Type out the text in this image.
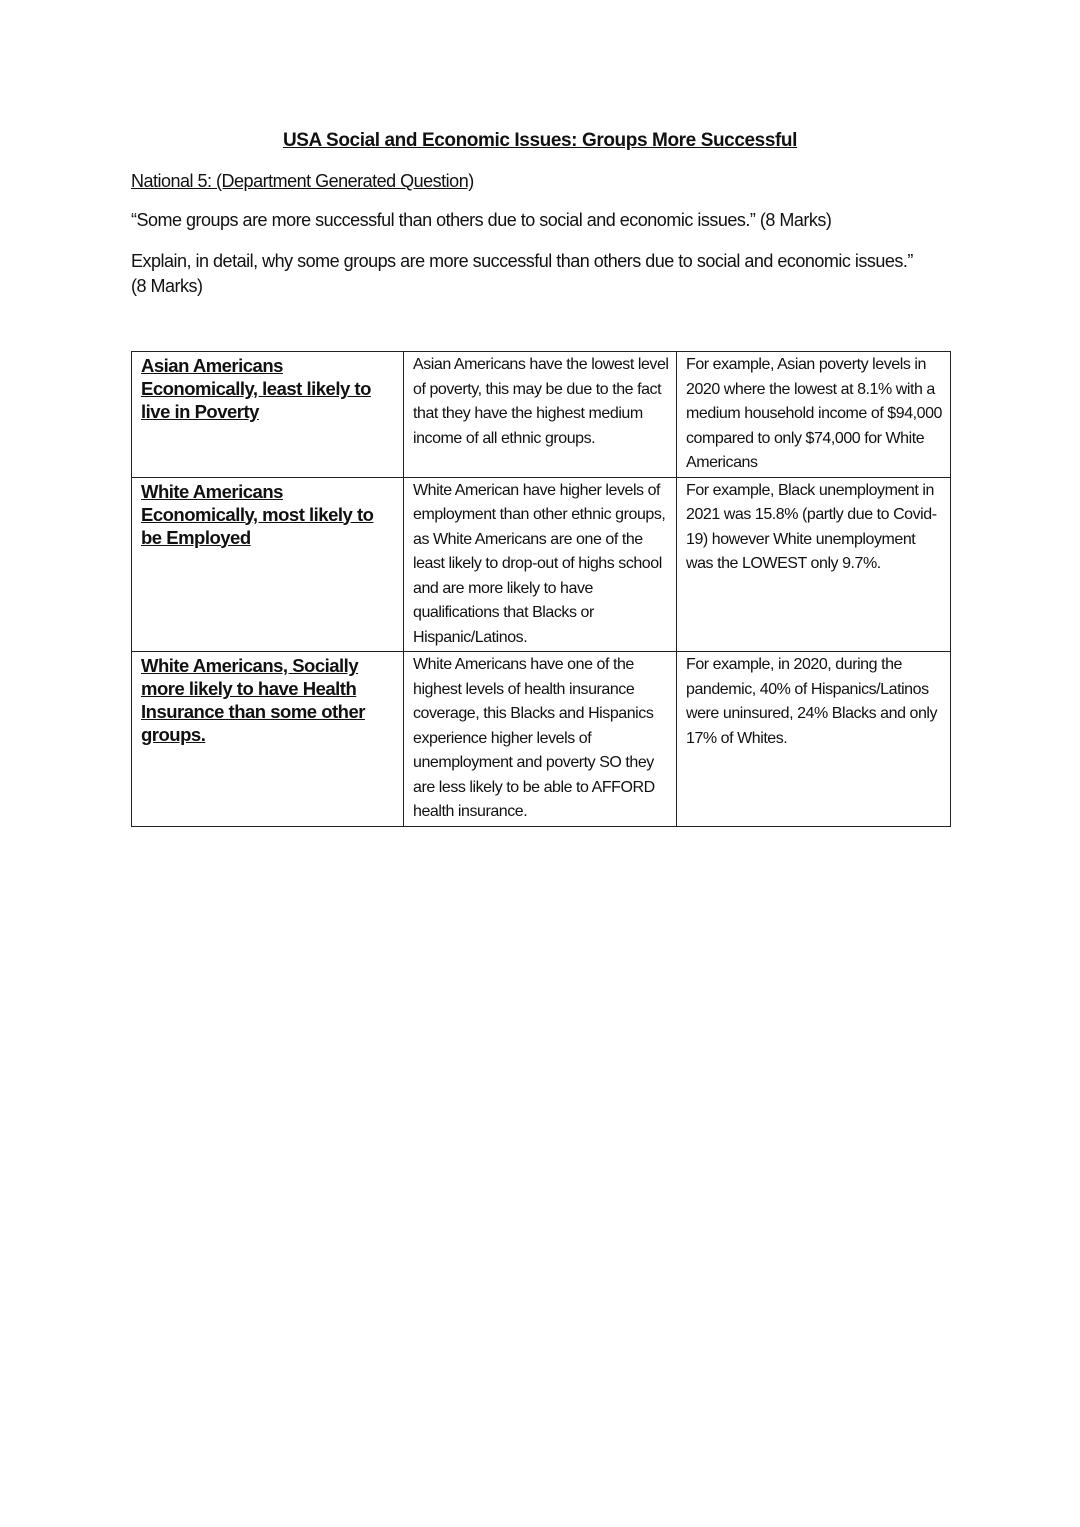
USA Social and Economic Issues: Groups More Successful
National 5: (Department Generated Question)
“Some groups are more successful than others due to social and economic issues.” (8 Marks)
Explain, in detail, why some groups are more successful than others due to social and economic issues.” (8 Marks)
Asian Americans Economically, least likely to live in Poverty	Asian Americans have the lowest level of poverty, this may be due to the fact that they have the highest medium income of all ethnic groups.	For example, Asian poverty levels in 2020 where the lowest at 8.1% with a medium household income of $94,000 compared to only $74,000 for White Americans
White Americans Economically, most likely to be Employed	White American have higher levels of employment than other ethnic groups, as White Americans are one of the least likely to drop-out of highs school and are more likely to have qualifications that Blacks or Hispanic/Latinos.	For example, Black unemployment in 2021 was 15.8% (partly due to Covid-19) however White unemployment was the LOWEST only 9.7%.
White Americans, Socially more likely to have Health Insurance than some other groups.	White Americans have one of the highest levels of health insurance coverage, this Blacks and Hispanics experience higher levels of unemployment and poverty SO they are less likely to be able to AFFORD health insurance.	For example, in 2020, during the pandemic, 40% of Hispanics/Latinos were uninsured, 24% Blacks and only 17% of Whites.
